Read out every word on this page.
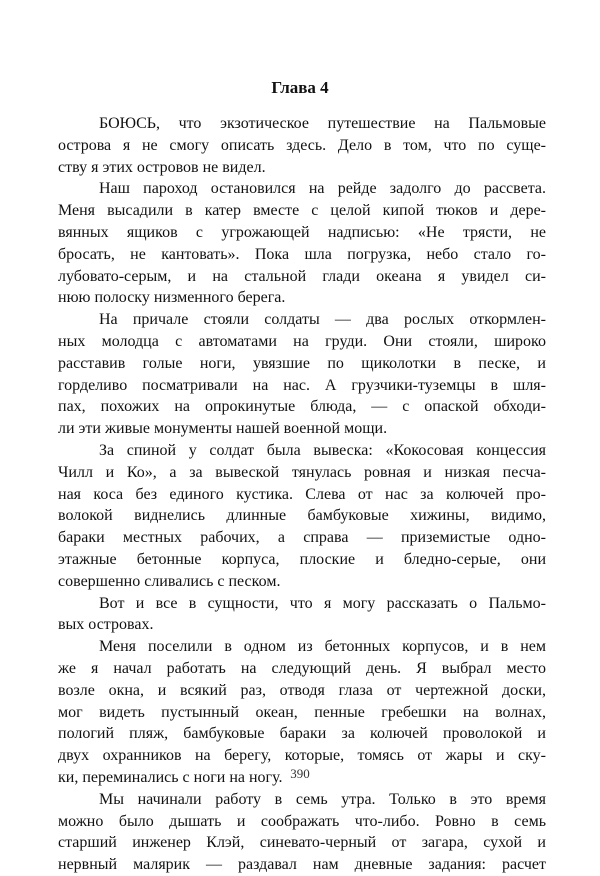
Глава 4

БОЮСЬ, что экзотическое путешествие на Пальмовые

острова я не смогу описать здесь. Дело в том, что по суще-

ству я этих островов не видел.

Наш пароход остановился на рейде задолго до рассвета.

Меня высадили в катер вместе с целой кипой тюков и дере-

вянных ящиков с угрожающей надписью: «Не трясти, не

бросать, не кантовать». Пока шла погрузка, небо стало го-

лубовато-серым, и на стальной глади океана я увидел си-

нюю полоску низменного берега.

На причале стояли солдаты — два рослых откормлен-

ных молодца с автоматами на груди. Они стояли, широко

расставив голые ноги, увязшие по щиколотки в песке, и

горделиво посматривали на нас. А грузчики-туземцы в шля-

пах, похожих на опрокинутые блюда, — с опаской обходи-

ли эти живые монументы нашей военной мощи.

За спиной у солдат была вывеска: «Кокосовая концессия

Чилл и Ко», а за вывеской тянулась ровная и низкая песча-

ная коса без единого кустика. Слева от нас за колючей про-

волокой виднелись длинные бамбуковые хижины, видимо,

бараки местных рабочих, а справа — приземистые одно-

этажные бетонные корпуса, плоские и бледно-серые, они

совершенно сливались с песком.

Вот и все в сущности, что я могу рассказать о Пальмо-

вых островах.

Меня поселили в одном из бетонных корпусов, и в нем

же я начал работать на следующий день. Я выбрал место

возле окна, и всякий раз, отводя глаза от чертежной доски,

мог видеть пустынный океан, пенные гребешки на волнах,

пологий пляж, бамбуковые бараки за колючей проволокой и

двух охранников на берегу, которые, томясь от жары и ску-

ки, переминались с ноги на ногу.

Мы начинали работу в семь утра. Только в это время

можно было дышать и соображать что-либо. Ровно в семь

старший инженер Клэй, синевато-черный от загара, сухой и

нервный малярик — раздавал нам дневные задания: расчет

390
